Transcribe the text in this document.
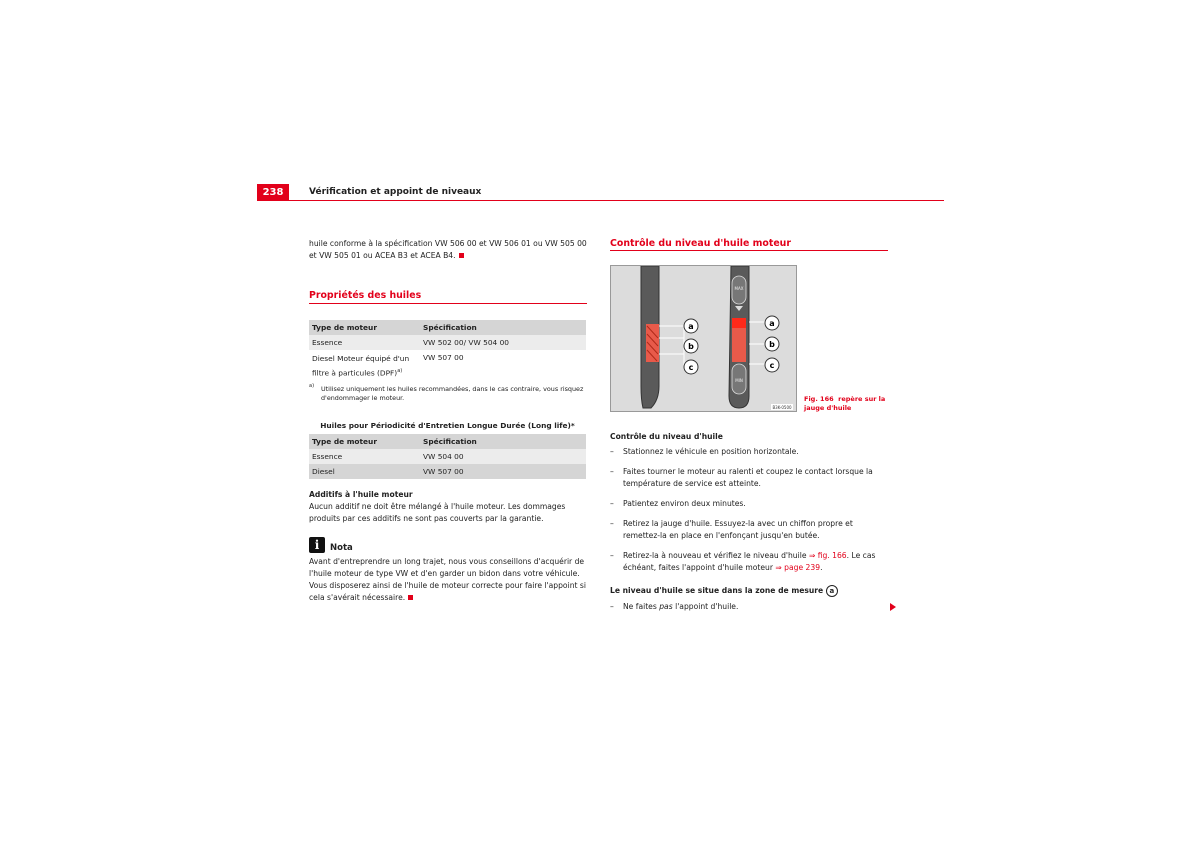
238	Vérification et appoint de niveaux
huile conforme à la spécification VW 506 00 et VW 506 01 ou VW 505 00 et VW 505 01 ou ACEA B3 et ACEA B4.
Propriétés des huiles
Type de moteur	Spécification
Essence	VW 502 00/ VW 504 00
Diesel Moteur équipé d'un filtre à particules (DPF)$^{a)}$	VW 507 00
a) Utilisez uniquement les huiles recommandées, dans le cas contraire, vous risquez d'endommager le moteur.
Huiles pour Périodicité d'Entretien Longue Durée (Long life)*
Type de moteur	Spécification
Essence	VW 504 00
Diesel	VW 507 00
Additifs à l'huile moteur
Aucun additif ne doit être mélangé à l'huile moteur. Les dommages produits par ces additifs ne sont pas couverts par la garantie.
i	Nota
Avant d'entreprendre un long trajet, nous vous conseillons d'acquérir de l'huile moteur de type VW et d'en garder un bidon dans votre véhicule. Vous disposerez ainsi de l'huile de moteur correcte pour faire l'appoint si cela s'avérait nécessaire.
Contrôle du niveau d'huile moteur
MAX
MIN
a
b
c
a
b
c
B3K-0500
Fig. 166 repère sur la jauge d'huile
Contrôle du niveau d'huile
– Stationnez le véhicule en position horizontale.
– Faites tourner le moteur au ralenti et coupez le contact lorsque la température de service est atteinte.
– Patientez environ deux minutes.
– Retirez la jauge d'huile. Essuyez-la avec un chiffon propre et remettez-la en place en l'enfonçant jusqu'en butée.
– Retirez-la à nouveau et vérifiez le niveau d'huile ⇒ fig. 166. Le cas échéant, faites l'appoint d'huile moteur ⇒ page 239.
Le niveau d'huile se situe dans la zone de mesure a
– Ne faites pas l'appoint d'huile.
